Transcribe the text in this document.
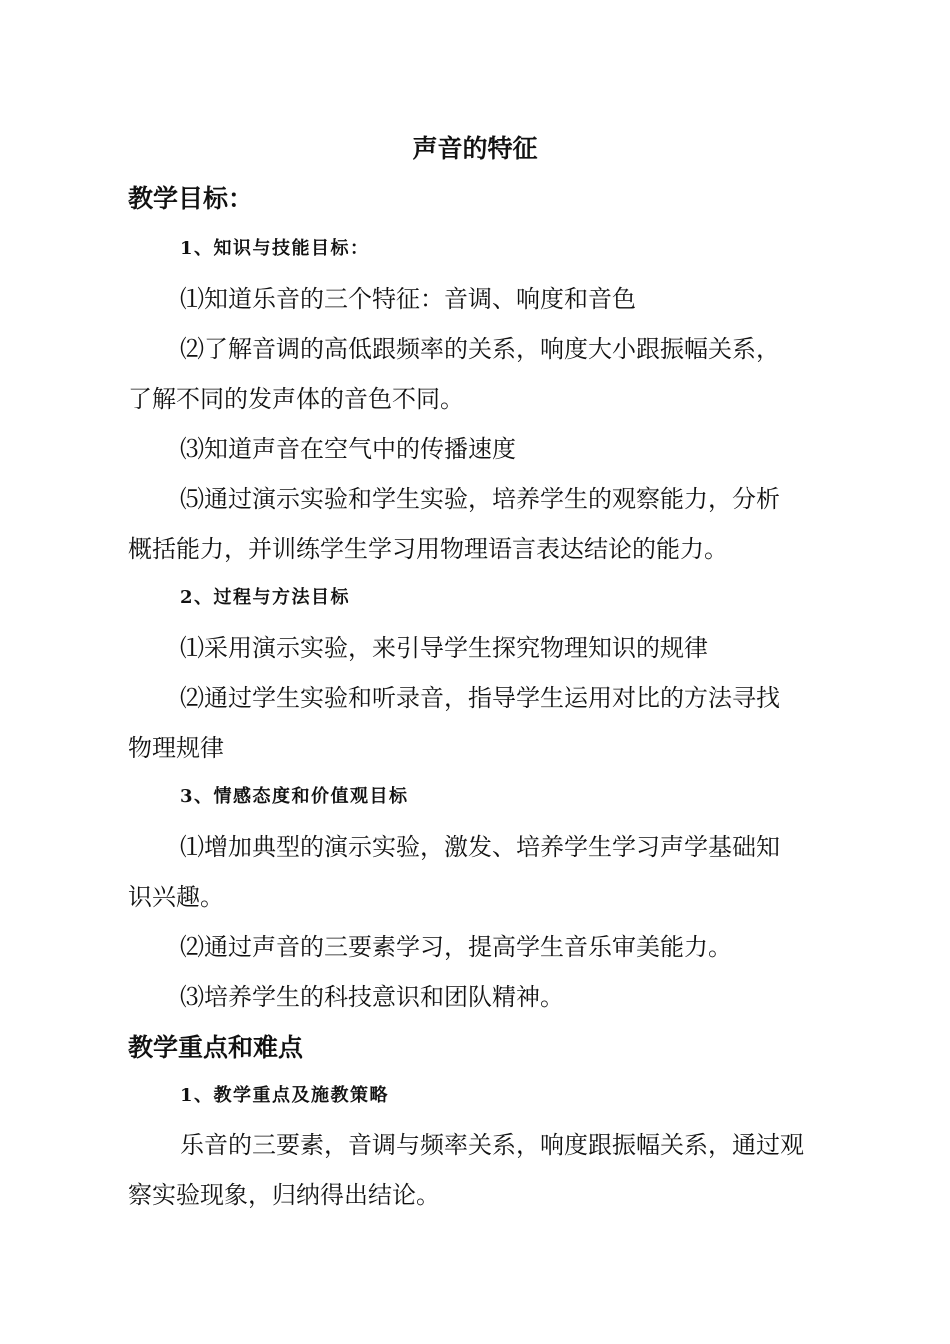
声音的特征
教学目标：
1、知识与技能目标：
⑴知道乐音的三个特征：音调、响度和音色
⑵了解音调的高低跟频率的关系，响度大小跟振幅关系，
了解不同的发声体的音色不同。
⑶知道声音在空气中的传播速度
⑸通过演示实验和学生实验，培养学生的观察能力，分析
概括能力，并训练学生学习用物理语言表达结论的能力。
2、过程与方法目标
⑴采用演示实验，来引导学生探究物理知识的规律
⑵通过学生实验和听录音，指导学生运用对比的方法寻找
物理规律
3、情感态度和价值观目标
⑴增加典型的演示实验，激发、培养学生学习声学基础知
识兴趣。
⑵通过声音的三要素学习，提高学生音乐审美能力。
⑶培养学生的科技意识和团队精神。
教学重点和难点
1、教学重点及施教策略
乐音的三要素，音调与频率关系，响度跟振幅关系，通过观
察实验现象，归纳得出结论。
